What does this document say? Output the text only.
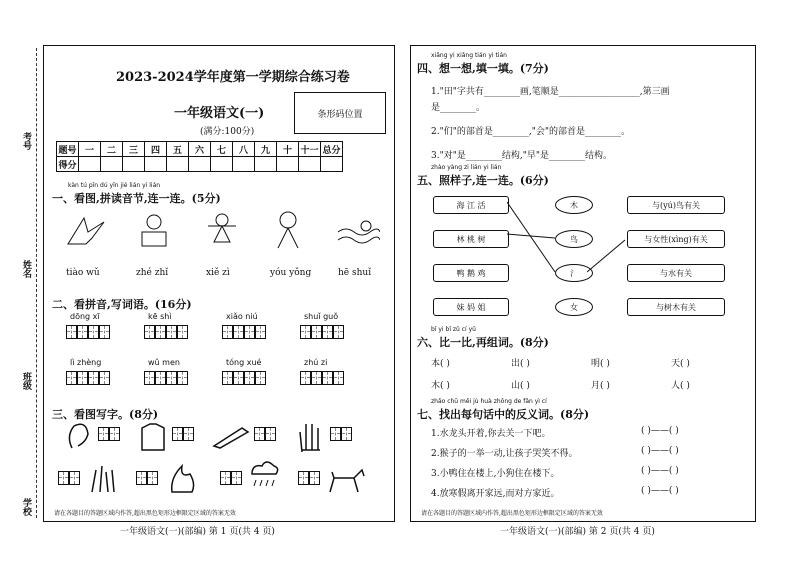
考号
姓名
班级
学校
2023-2024学年度第一学期综合练习卷
一年级语文(一)
(满分:100分)
条形码位置
题号	一	二	三	四	五	六	七	八	九	十	十一	总分
得分												
kàn tú pīn dú yīn jié lián yi lián
一、看图,拼读音节,连一连。(5分)
tiào wǔ	zhé zhǐ	xiě zì	yóu yǒng	hē shuǐ
二、看拼音,写词语。(16分)
dōng xī	kē shì	xiǎo niú	shuǐ guǒ
lì zhèng	wǔ men	tóng xué	zhú zi
三、看图写字。(8分)
请在各题目的答题区域内作答,超出黑色矩形边框限定区域的答案无效
一年级语文(一)(部编) 第 1 页(共 4 页)
xiǎng yi xiǎng tián yi tián
四、想一想,填一填。(7分)
1."田"字共有________画,笔顺是__________________,第三画
是________。
2."们"的部首是________,"会"的部首是________。
3."对"是________结构,"早"是________结构。
zhào yàng zi lián yi lián
五、照样子,连一连。(6分)
海 江 活
林 桃 树
鸭 鹅 鸡
妹 妈 姐
木
鸟
氵
女
与(yú)鸟有关
与女性(xìng)有关
与水有关
与树木有关
bǐ yi bǐ zǔ cí yǔ
六、比一比,再组词。(8分)
本( )	出( )	明( )	天( )
木( )	山( )	月( )	人( )
zhǎo chū měi jù huà zhōng de fǎn yì cí
七、找出每句话中的反义词。(8分)
1.水龙头开着,你去关一下吧。	( )——( )
2.猴子的一举一动,让孩子哭笑不得。	( )——( )
3.小鸭住在楼上,小狗住在楼下。	( )——( )
4.放寒假离开家远,而对方家近。	( )——( )
请在各题目的答题区域内作答,超出黑色矩形边框限定区域的答案无效
一年级语文(一)(部编) 第 2 页(共 4 页)
